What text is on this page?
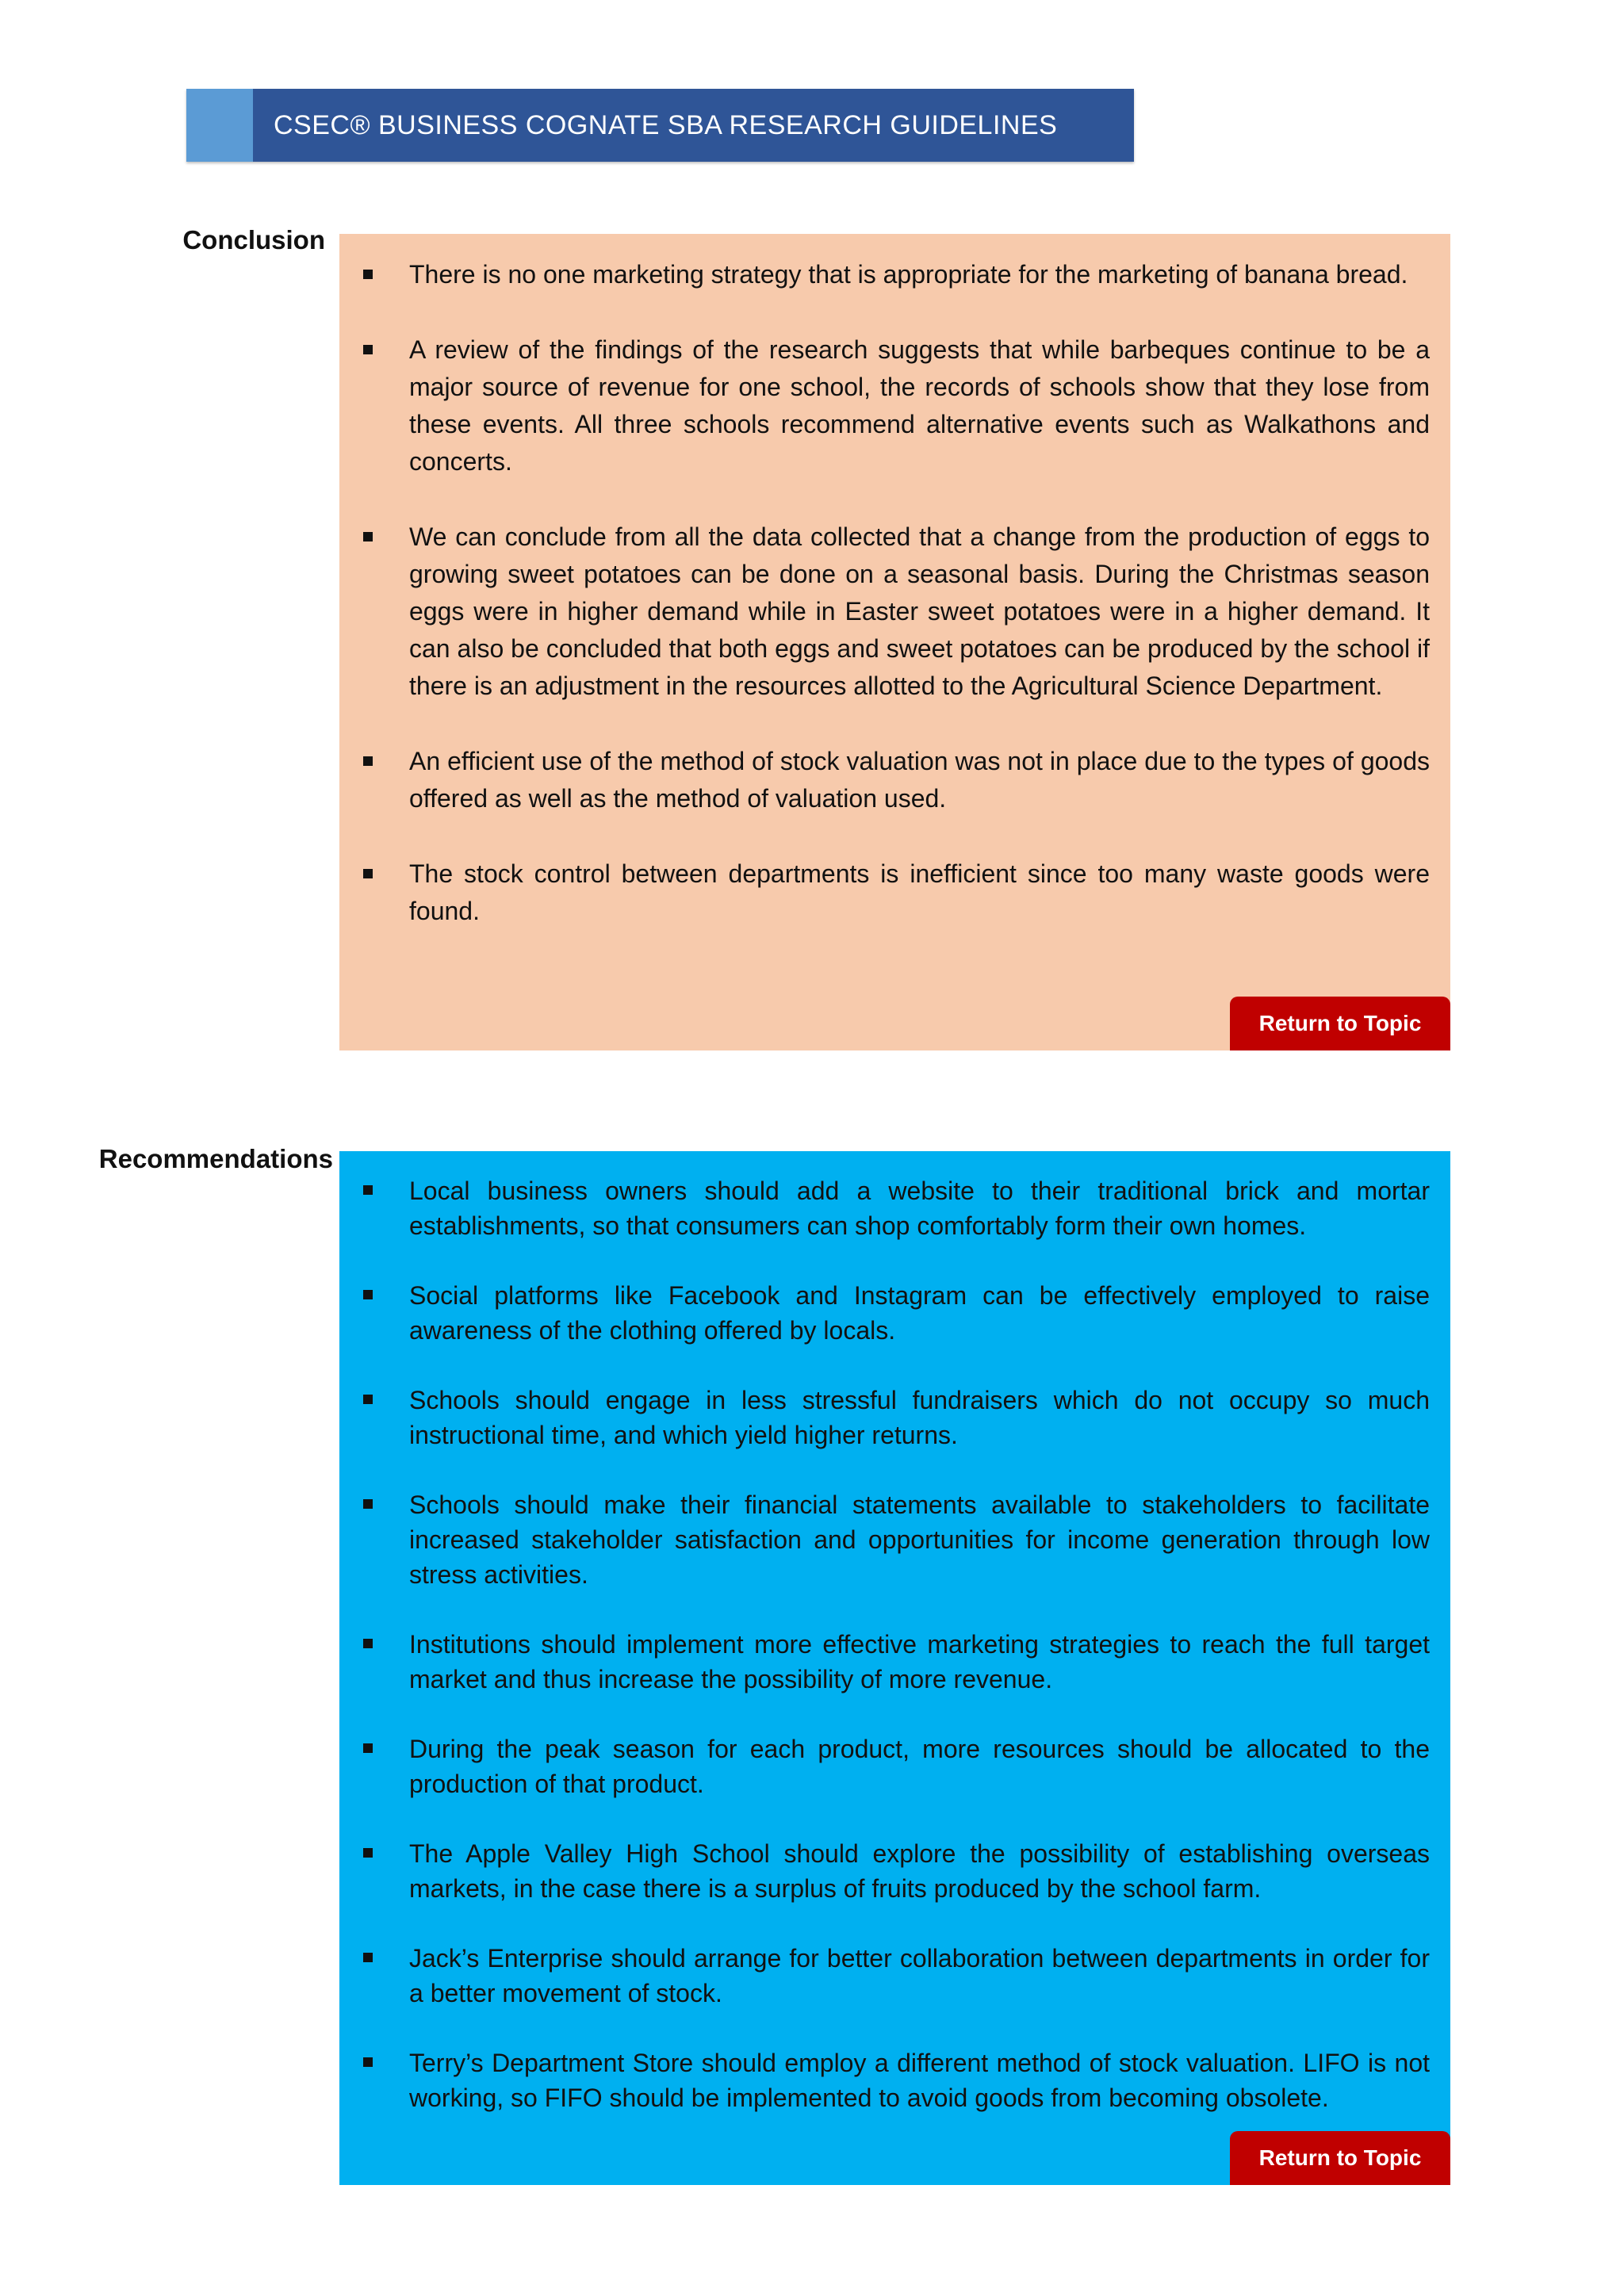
CSEC® BUSINESS COGNATE SBA RESEARCH GUIDELINES
Conclusion
There is no one marketing strategy that is appropriate for the marketing of banana bread.
A review of the findings of the research suggests that while barbeques continue to be a major source of revenue for one school, the records of schools show that they lose from these events. All three schools recommend alternative events such as Walkathons and concerts.
We can conclude from all the data collected that a change from the production of eggs to growing sweet potatoes can be done on a seasonal basis. During the Christmas season eggs were in higher demand while in Easter sweet potatoes were in a higher demand. It can also be concluded that both eggs and sweet potatoes can be produced by the school if there is an adjustment in the resources allotted to the Agricultural Science Department.
An efficient use of the method of stock valuation was not in place due to the types of goods offered as well as the method of valuation used.
The stock control between departments is inefficient since too many waste goods were found.
Return to Topic
Recommendations
Local business owners should add a website to their traditional brick and mortar establishments, so that consumers can shop comfortably form their own homes.
Social platforms like Facebook and Instagram can be effectively employed to raise awareness of the clothing offered by locals.
Schools should engage in less stressful fundraisers which do not occupy so much instructional time, and which yield higher returns.
Schools should make their financial statements available to stakeholders to facilitate increased stakeholder satisfaction and opportunities for income generation through low stress activities.
Institutions should implement more effective marketing strategies to reach the full target market and thus increase the possibility of more revenue.
During the peak season for each product, more resources should be allocated to the production of that product.
The Apple Valley High School should explore the possibility of establishing overseas markets, in the case there is a surplus of fruits produced by the school farm.
Jack’s Enterprise should arrange for better collaboration between departments in order for a better movement of stock.
Terry’s Department Store should employ a different method of stock valuation. LIFO is not working, so FIFO should be implemented to avoid goods from becoming obsolete.
Return to Topic
